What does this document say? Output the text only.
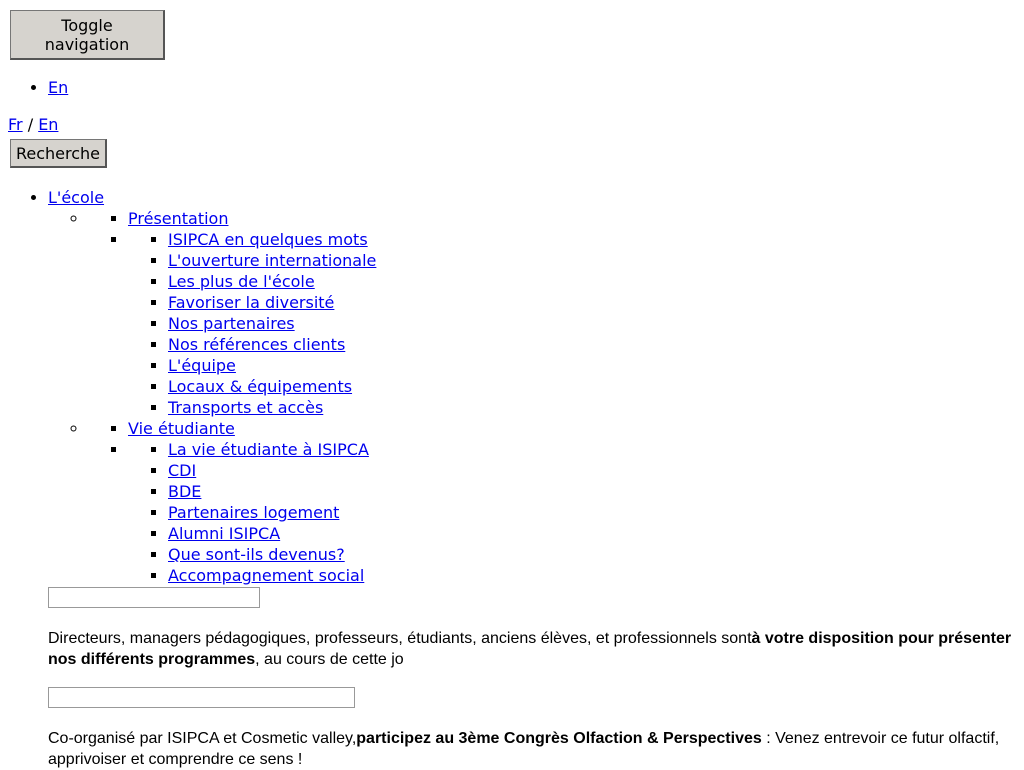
Toggle
navigation
• En
Fr / En
Recherche
• L'école
▪ ◦ Présentation
▪ ▪ ISIPCA en quelques mots
▪ L'ouverture internationale
▪ Les plus de l'école
▪ Favoriser la diversité
▪ Nos partenaires
▪ Nos références clients
▪ L'équipe
▪ Locaux & équipements
▪ Transports et accès
▪ ◦ Vie étudiante
▪ ▪ La vie étudiante à ISIPCA
▪ CDI
▪ BDE
▪ Partenaires logement
▪ Alumni ISIPCA
▪ Que sont-ils devenus?
▪ Accompagnement social

Directeurs, managers pédagogiques, professeurs, étudiants, anciens élèves, et professionnels sontà votre disposition pour présenter nos différents programmes, au cours de cette jo

Co-organisé par ISIPCA et Cosmetic valley,participez au 3ème Congrès Olfaction & Perspectives : Venez entrevoir ce futur olfactif, apprivoiser et comprendre ce sens !
